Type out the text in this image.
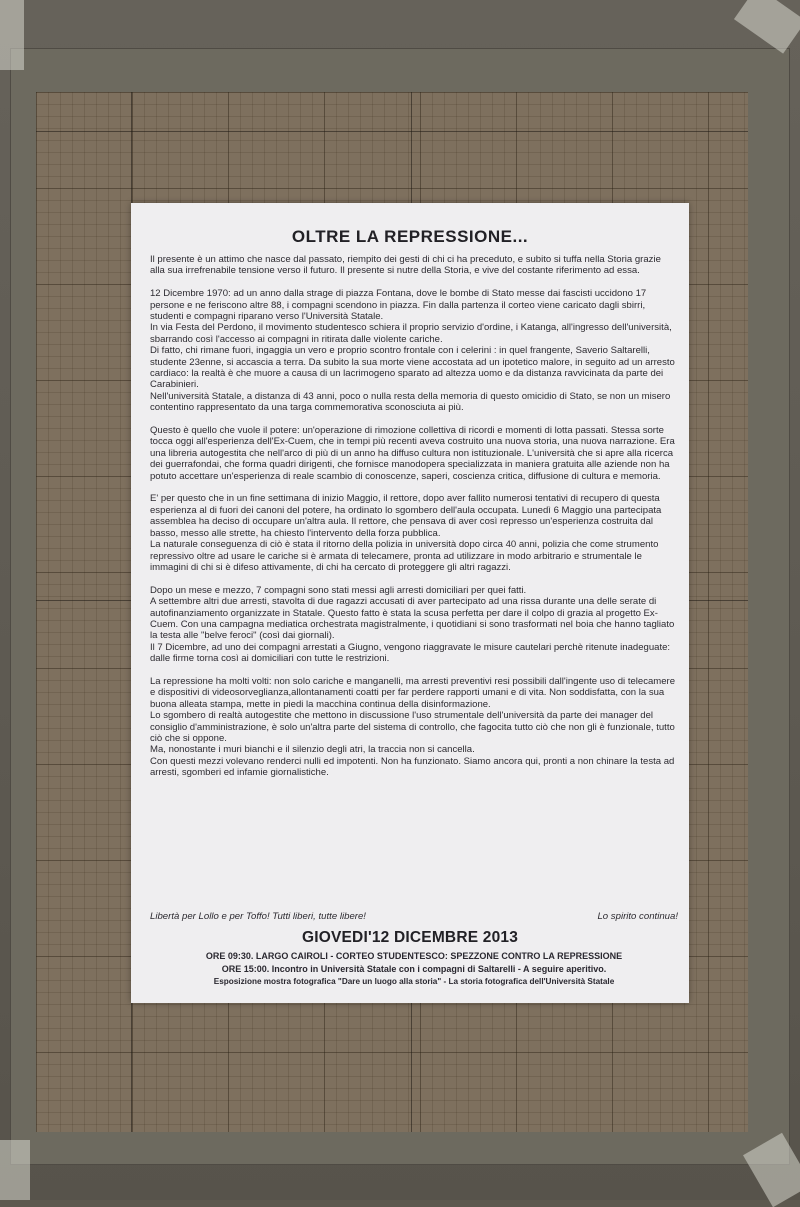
OLTRE LA REPRESSIONE...

Il presente è un attimo che nasce dal passato, riempito dei gesti di chi ci ha preceduto, e subito si tuffa nella Storia grazie alla sua irrefrenabile tensione verso il futuro. Il presente si nutre della Storia, e vive del costante riferimento ad essa.

12 Dicembre 1970: ad un anno dalla strage di piazza Fontana, dove le bombe di Stato messe dai fascisti uccidono 17 persone e ne feriscono altre 88, i compagni scendono in piazza. Fin dalla partenza il corteo viene caricato dagli sbirri, studenti e compagni riparano verso l'Università Statale.

In via Festa del Perdono, il movimento studentesco schiera il proprio servizio d'ordine, i Katanga, all'ingresso dell'università, sbarrando così l'accesso ai compagni in ritirata dalle violente cariche.

Di fatto, chi rimane fuori, ingaggia un vero e proprio scontro frontale con i celerini : in quel frangente, Saverio Saltarelli, studente 23enne, si accascia a terra. Da subito la sua morte viene accostata ad un ipotetico malore, in seguito ad un arresto cardiaco: la realtà è che muore a causa di un lacrimogeno sparato ad altezza uomo e da distanza ravvicinata da parte dei Carabinieri.

Nell'università Statale, a distanza di 43 anni, poco o nulla resta della memoria di questo omicidio di Stato, se non un misero contentino rappresentato da una targa commemorativa sconosciuta ai più.

Questo è quello che vuole il potere: un'operazione di rimozione collettiva di ricordi e momenti di lotta passati. Stessa sorte tocca oggi all'esperienza dell'Ex-Cuem, che in tempi più recenti aveva costruito una nuova storia, una nuova narrazione. Era una libreria autogestita che nell'arco di più di un anno ha diffuso cultura non istituzionale. L'università che si apre alla ricerca dei guerrafondai, che forma quadri dirigenti, che fornisce manodopera specializzata in maniera gratuita alle aziende non ha potuto accettare un'esperienza di reale scambio di conoscenze, saperi, coscienza critica, diffusione di cultura e memoria.

E' per questo che in un fine settimana di inizio Maggio, il rettore, dopo aver fallito numerosi tentativi di recupero di questa esperienza al di fuori dei canoni del potere, ha ordinato lo sgombero dell'aula occupata. Lunedì 6 Maggio una partecipata assemblea ha deciso di occupare un'altra aula. Il rettore, che pensava di aver così represso un'esperienza costruita dal basso, messo alle strette, ha chiesto l'intervento della forza pubblica.

La naturale conseguenza di ciò è stata il ritorno della polizia in università dopo circa 40 anni, polizia che come strumento repressivo oltre ad usare le cariche si è armata di telecamere, pronta ad utilizzare in modo arbitrario e strumentale le immagini di chi si è difeso attivamente, di chi ha cercato di proteggere gli altri ragazzi.

Dopo un mese e mezzo, 7 compagni sono stati messi agli arresti domiciliari per quei fatti.

A settembre altri due arresti, stavolta di due ragazzi accusati di aver partecipato ad una rissa durante una delle serate di autofinanziamento organizzate in Statale. Questo fatto è stata la scusa perfetta per dare il colpo di grazia al progetto Ex-Cuem. Con una campagna mediatica orchestrata magistralmente, i quotidiani si sono trasformati nel boia che hanno tagliato la testa alle "belve feroci" (così dai giornali).

Il 7 Dicembre, ad uno dei compagni arrestati a Giugno, vengono riaggravate le misure cautelari perchè ritenute inadeguate: dalle firme torna così ai domiciliari con tutte le restrizioni.

La repressione ha molti volti: non solo cariche e manganelli, ma arresti preventivi resi possibili dall'ingente uso di telecamere e dispositivi di videosorveglianza,allontanamenti coatti per far perdere rapporti umani e di vita. Non soddisfatta, con la sua buona alleata stampa, mette in piedi la macchina continua della disinformazione.

Lo sgombero di realtà autogestite che mettono in discussione l'uso strumentale dell'università da parte dei manager del consiglio d'amministrazione, è solo un'altra parte del sistema di controllo, che fagocita tutto ciò che non gli è funzionale, tutto ciò che si oppone.

Ma, nonostante i muri bianchi e il silenzio degli atri, la traccia non si cancella.

Con questi mezzi volevano renderci nulli ed impotenti. Non ha funzionato. Siamo ancora qui, pronti a non chinare la testa ad arresti, sgomberi ed infamie giornalistiche.

Libertà per Lollo e per Toffo! Tutti liberi, tutte libere!	Lo spirito continua!
GIOVEDI'12 DICEMBRE 2013
ORE 09:30. LARGO CAIROLI - CORTEO STUDENTESCO: SPEZZONE CONTRO LA REPRESSIONE
ORE 15:00. Incontro in Università Statale con i compagni di Saltarelli - A seguire aperitivo.
Esposizione mostra fotografica "Dare un luogo alla storia" - La storia fotografica dell'Università Statale
